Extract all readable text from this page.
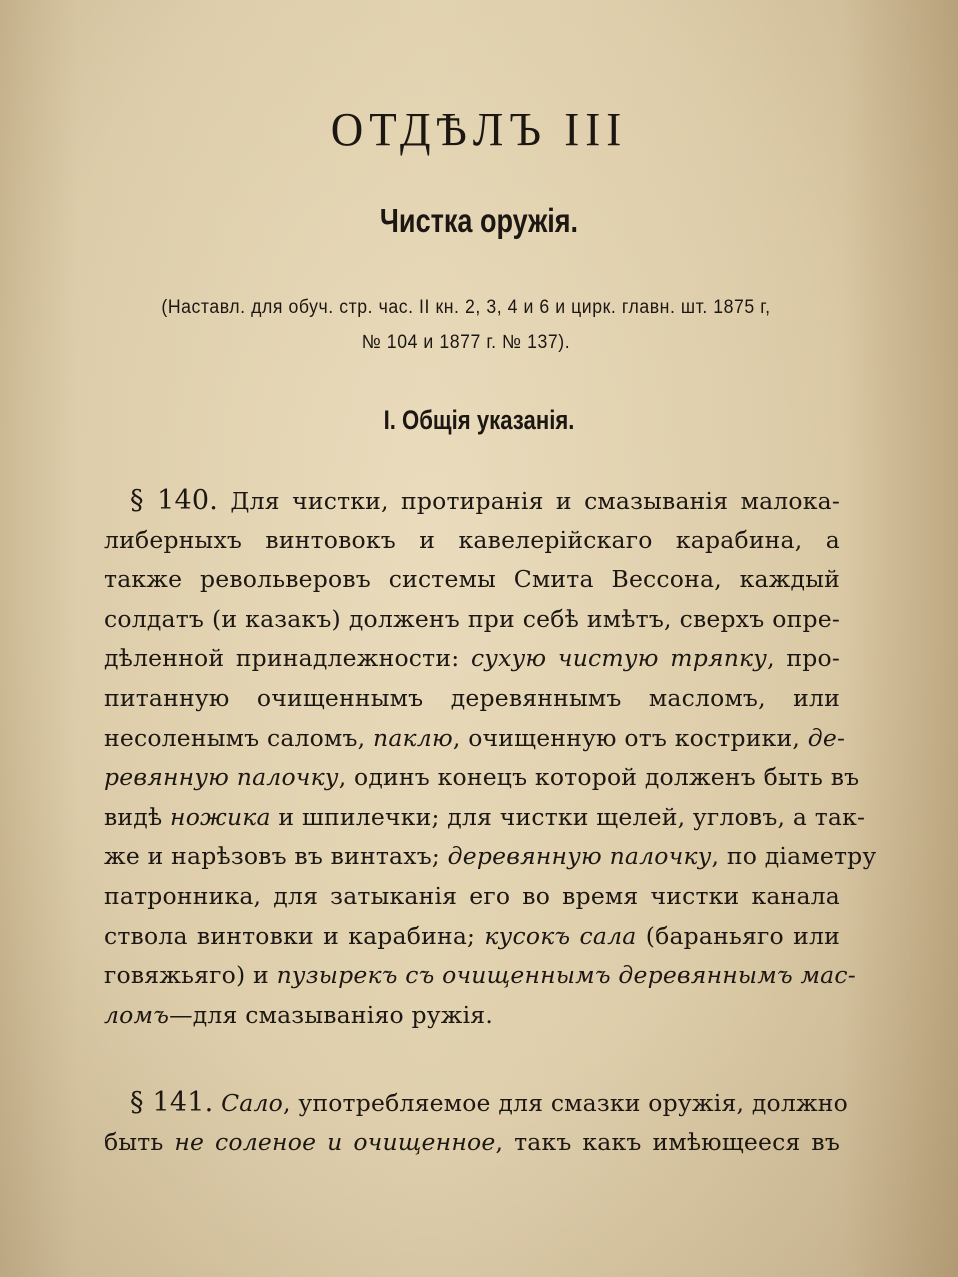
ОТДѢЛЪ III
Чистка оружія.
(Наставл. для обуч. стр. час. II кн. 2, 3, 4 и 6 и цирк. главн. шт. 1875 г,
№ 104 и 1877 г. № 137).
I. Общія указанія.
§ 140. Для чистки, протиранія и смазыванія малока-
либерныхъ винтовокъ и кавелерійскаго карабина, а
также револьверовъ системы Смита Вессона, каждый
солдатъ (и казакъ) долженъ при себѣ имѣтъ, сверхъ опре-
дѣленной принадлежности: сухую чистую тряпку, про-
питанную очищеннымъ деревяннымъ масломъ, или
несоленымъ саломъ, паклю, очищенную отъ кострики, де-
ревянную палочку, одинъ конецъ которой долженъ быть въ
видѣ ножика и шпилечки; для чистки щелей, угловъ, а так-
же и нарѣзовъ въ винтахъ; деревянную палочку, по діаметру
патронника, для затыканія его во время чистки канала
ствола винтовки и карабина; кусокъ сала (бараньяго или
говяжьяго) и пузырекъ съ очищеннымъ деревяннымъ мас-
ломъ—для смазыванiяо ружія.
§ 141. Сало, употребляемое для смазки оружія, должно
быть не соленое и очищенное, такъ какъ имѣющееся въ
